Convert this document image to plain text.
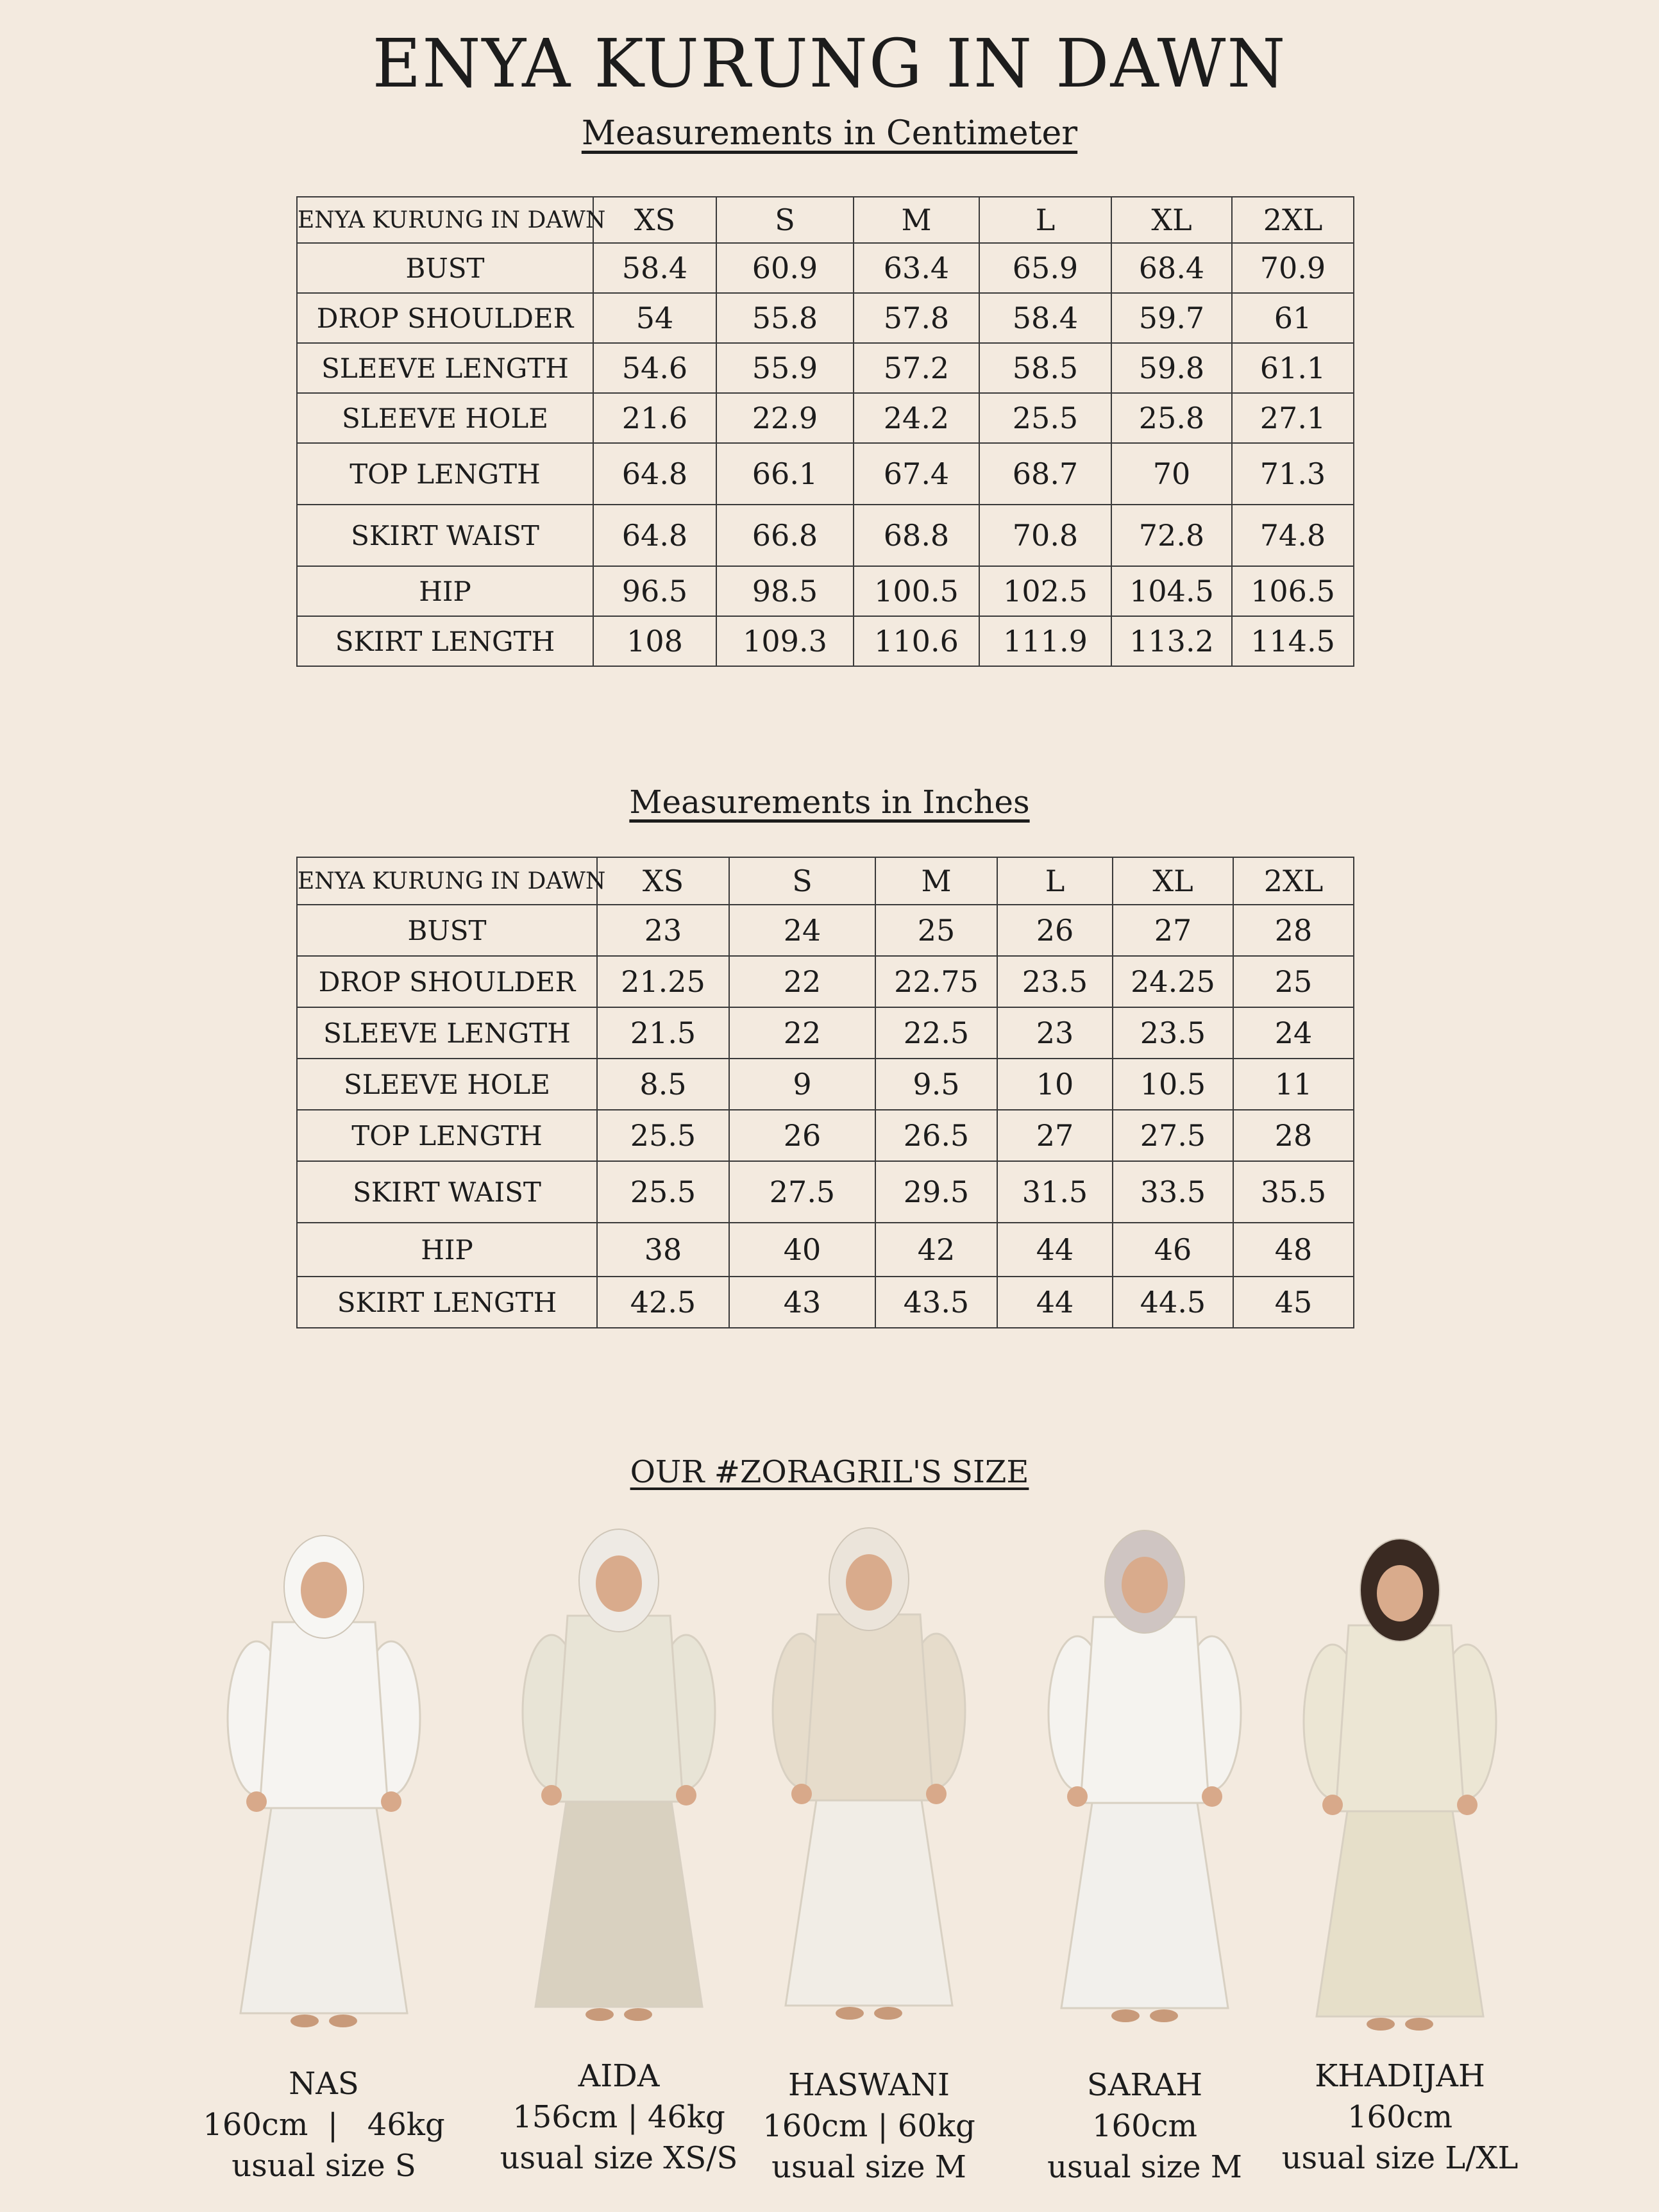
ENYA KURUNG IN DAWN
Measurements in Centimeter
ENYA KURUNG IN DAWN	XS	S	M	L	XL	2XL
BUST	58.4	60.9	63.4	65.9	68.4	70.9
DROP SHOULDER	54	55.8	57.8	58.4	59.7	61
SLEEVE LENGTH	54.6	55.9	57.2	58.5	59.8	61.1
SLEEVE HOLE	21.6	22.9	24.2	25.5	25.8	27.1
TOP LENGTH	64.8	66.1	67.4	68.7	70	71.3
SKIRT WAIST	64.8	66.8	68.8	70.8	72.8	74.8
HIP	96.5	98.5	100.5	102.5	104.5	106.5
SKIRT LENGTH	108	109.3	110.6	111.9	113.2	114.5
Measurements in Inches
ENYA KURUNG IN DAWN	XS	S	M	L	XL	2XL
BUST	23	24	25	26	27	28
DROP SHOULDER	21.25	22	22.75	23.5	24.25	25
SLEEVE LENGTH	21.5	22	22.5	23	23.5	24
SLEEVE HOLE	8.5	9	9.5	10	10.5	11
TOP LENGTH	25.5	26	26.5	27	27.5	28
SKIRT WAIST	25.5	27.5	29.5	31.5	33.5	35.5
HIP	38	40	42	44	46	48
SKIRT LENGTH	42.5	43	43.5	44	44.5	45
OUR #ZORAGRIL'S SIZE
NAS
160cm  |   46kg
usual size S
AIDA
156cm | 46kg
usual size XS/S
HASWANI
160cm | 60kg
usual size M
SARAH
160cm
usual size M
KHADIJAH
160cm
usual size L/XL
